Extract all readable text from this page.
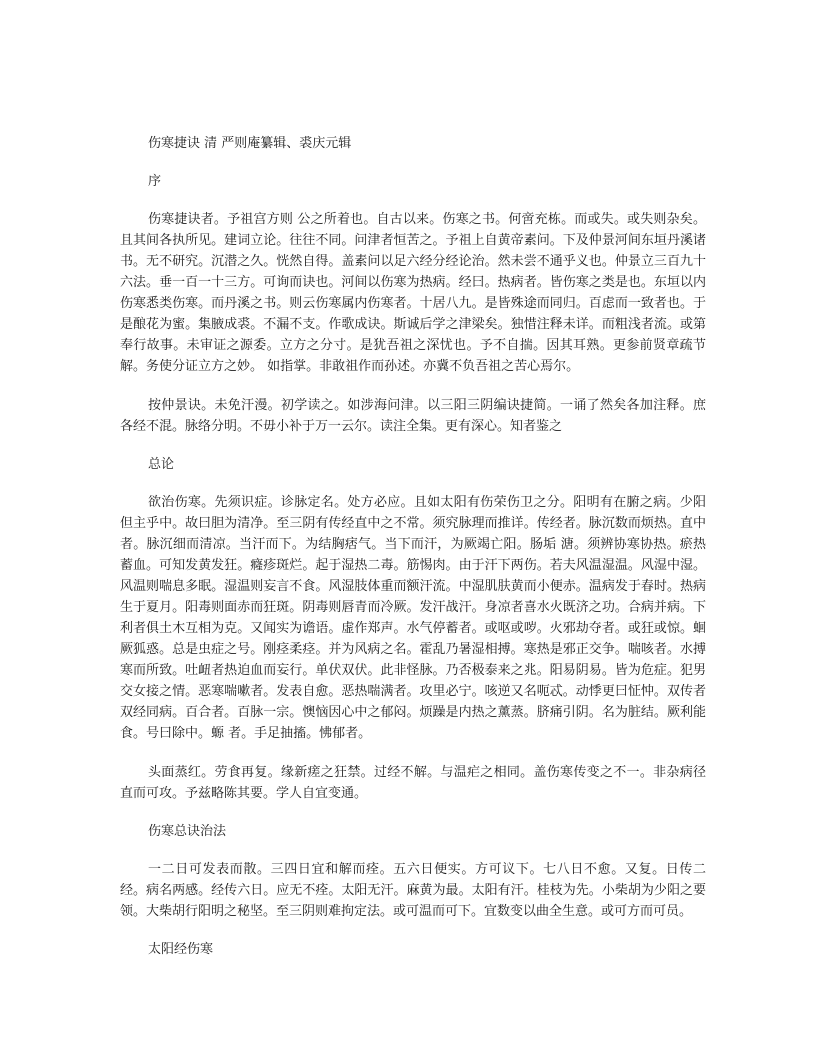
伤寒捷诀 清 严则庵纂辑、裘庆元辑

序

伤寒捷诀者。予祖宫方则 公之所着也。自古以来。伤寒之书。何啻充栋。而或失。或失则杂矣。且其间各执所见。建词立论。往往不同。问津者恒苦之。予祖上自黄帝素问。下及仲景河间东垣丹溪诸书。无不研究。沉潜之久。恍然自得。盖素问以足六经分经论治。然未尝不通乎义也。仲景立三百九十六法。垂一百一十三方。可询而诀也。河间以伤寒为热病。经曰。热病者。皆伤寒之类是也。东垣以内伤寒悉类伤寒。而丹溪之书。则云伤寒属内伤寒者。十居八九。是皆殊途而同归。百虑而一致者也。于是酿花为蜜。集腋成裘。不漏不支。作歌成诀。斯诚后学之津梁矣。独惜注释未详。而粗浅者流。或第奉行故事。未审证之源委。立方之分寸。是犹吾祖之深忧也。予不自揣。因其耳熟。更参前贤章疏节解。务使分证立方之妙。 如指掌。非敢祖作而孙述。亦冀不负吾祖之苦心焉尔。

按仲景诀。未免汗漫。初学读之。如涉海问津。以三阳三阴编诀捷简。一诵了然矣各加注释。庶各经不混。脉络分明。不毋小补于万一云尔。读注全集。更有深心。知者鉴之

总论

欲治伤寒。先须识症。诊脉定名。处方必应。且如太阳有伤荣伤卫之分。阳明有在腑之病。少阳但主乎中。故曰胆为清净。至三阴有传经直中之不常。须究脉理而推详。传经者。脉沉数而烦热。直中者。脉沉细而清凉。当汗而下。为结胸痞气。当下而汗，为厥竭亡阳。肠垢 溏。须辨协寒协热。瘀热蓄血。可知发黄发狂。癃疹斑烂。起于湿热二毒。筋惕肉。由于汗下两伤。若夫风温湿温。风湿中湿。风温则喘息多眠。湿温则妄言不食。风湿肢体重而额汗流。中湿肌肤黄而小便赤。温病发于春时。热病生于夏月。阳毒则面赤而狂斑。阴毒则唇青而冷厥。发汗战汗。身凉者喜水火既济之功。合病并病。下利者俱土木互相为克。又闻实为谵语。虚作郑声。水气停蓄者。或呕或哕。火邪劫夺者。或狂或惊。蛔厥狐惑。总是虫症之号。刚痉柔痉。并为风病之名。霍乱乃暑湿相搏。寒热是邪正交争。喘咳者。水搏寒而所致。吐衄者热迫血而妄行。单伏双伏。此非怪脉。乃否极泰来之兆。阳易阴易。皆为危症。犯男交女接之情。恶寒喘嗽者。发表自愈。恶热喘满者。攻里必宁。咳逆又名呃忒。动悸更曰怔忡。双传者双经同病。百合者。百脉一宗。懊恼因心中之郁闷。烦躁是内热之薰蒸。脐痛引阴。名为脏结。厥利能食。号曰除中。螈 者。手足抽搐。怫郁者。

头面蒸红。劳食再复。缘新瘥之狂禁。过经不解。与温疟之相同。盖伤寒传变之不一。非杂病径直而可攻。予兹略陈其要。学人自宜变通。

伤寒总诀治法

一二日可发表而散。三四日宜和解而痊。五六日便实。方可议下。七八日不愈。又复。日传二经。病名两感。经传六日。应无不痊。太阳无汗。麻黄为最。太阳有汗。桂枝为先。小柴胡为少阳之要领。大柴胡行阳明之秘坚。至三阴则难拘定法。或可温而可下。宜数变以曲全生意。或可方而可员。

太阳经伤寒
